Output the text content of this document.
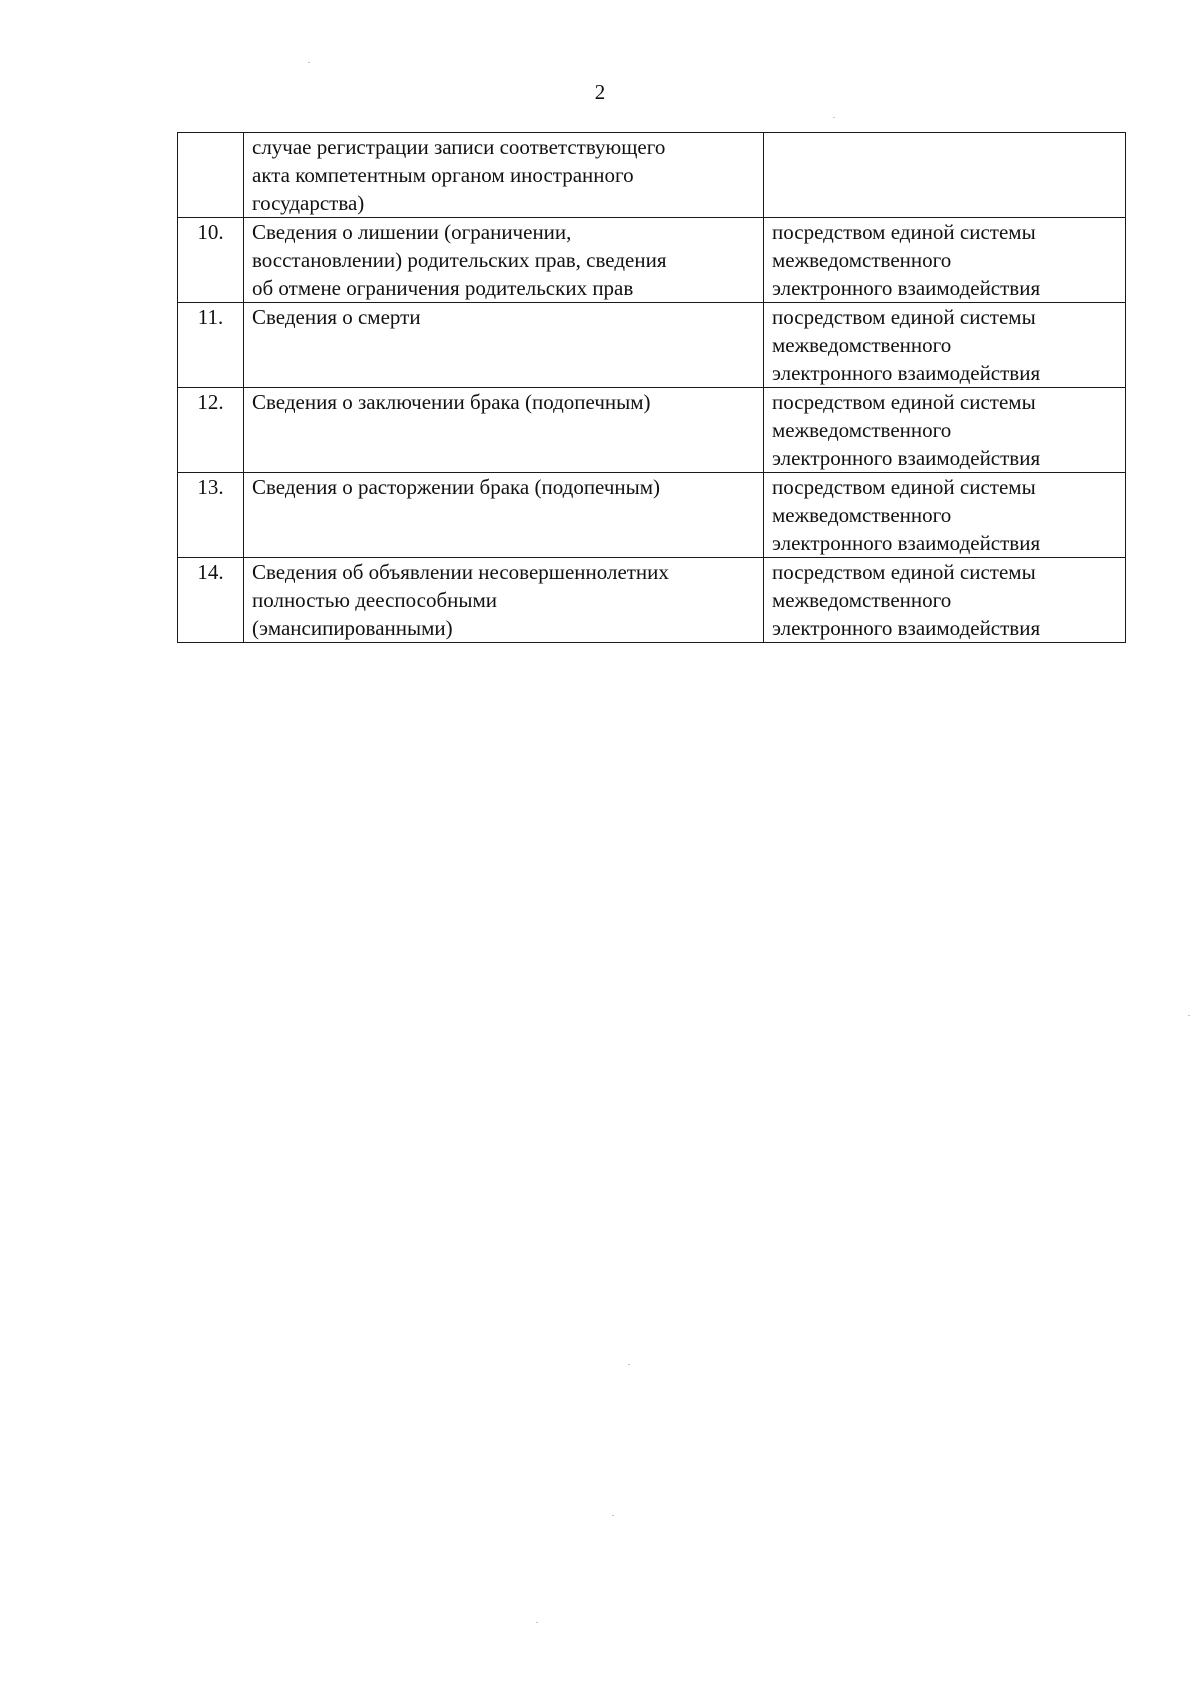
2

	случае регистрации записи соответствующего
акта компетентным органом иностранного
государства)	

10.	Сведения о лишении (ограничении,
восстановлении) родительских прав, сведения
об отмене ограничения родительских прав	посредством единой системы
межведомственного
электронного взаимодействия

11.	Сведения о смерти	посредством единой системы
межведомственного
электронного взаимодействия

12.	Сведения о заключении брака (подопечным)	посредством единой системы
межведомственного
электронного взаимодействия

13.	Сведения о расторжении брака (подопечным)	посредством единой системы
межведомственного
электронного взаимодействия

14.	Сведения об объявлении несовершеннолетних
полностью дееспособными
(эмансипированными)	посредством единой системы
межведомственного
электронного взаимодействия
